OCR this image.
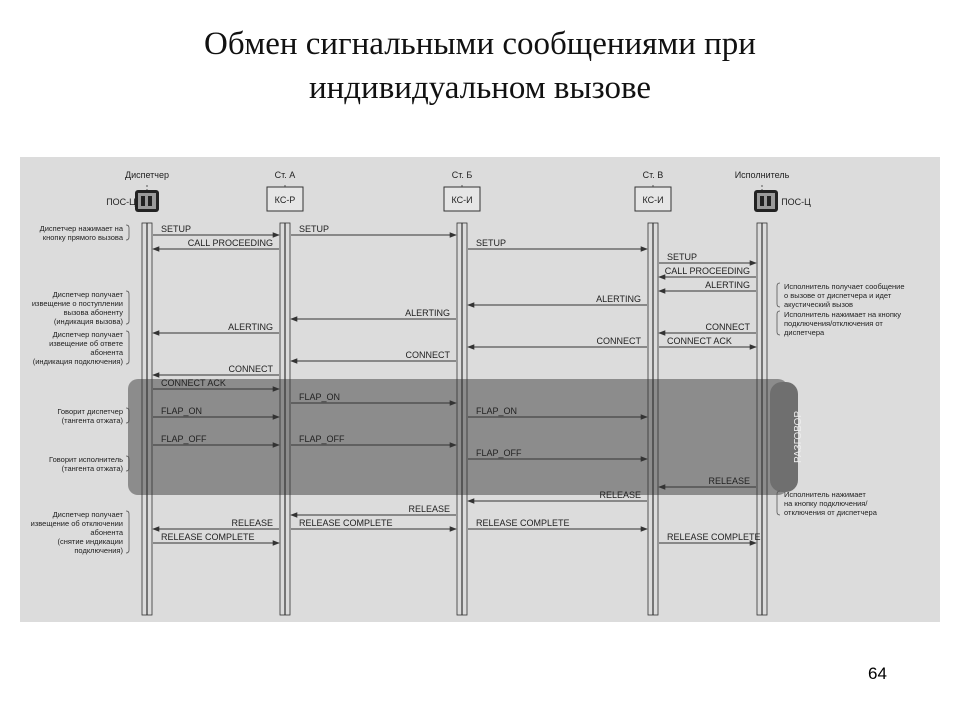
Обмен сигнальными сообщениями при
индивидуальном вызове
РАЗГОВОР
Диспетчер
ПОС-Ц
Ст. А
КС-Р
Ст. Б
КС-И
Ст. В
КС-И
Исполнитель
ПОС-Ц
SETUP	SETUP
CALL PROCEEDING	SETUP
SETUP
CALL PROCEEDING
ALERTING
ALERTING
ALERTING
ALERTING	CONNECT
CONNECT	CONNECT ACK
CONNECT
CONNECT
CONNECT ACK
FLAP_ON
FLAP_ON
FLAP_ON
FLAP_OFF	FLAP_OFF
FLAP_OFF
RELEASE
RELEASE
RELEASE
RELEASE	RELEASE COMPLETE	RELEASE COMPLETE
RELEASE COMPLETE
RELEASE COMPLETE
Диспетчер нажимает на
кнопку прямого вызова
Диспетчер получает
извещение о поступлении
вызова абоненту
(индикация вызова)
Диспетчер получает
извещение об ответе
абонента
(индикация подключения)
Говорит диспетчер
(тангента отжата)
Говорит исполнитель
(тангента отжата)
Диспетчер получает
извещение об отключении
абонента
(снятие индикации
подключения)
Исполнитель получает сообщение
о вызове от диспетчера и идет
акустический вызов
Исполнитель нажимает на кнопку
подключения/отключения от
диспетчера
Исполнитель нажимает
на кнопку подключения/
отключения от диспетчера
64
